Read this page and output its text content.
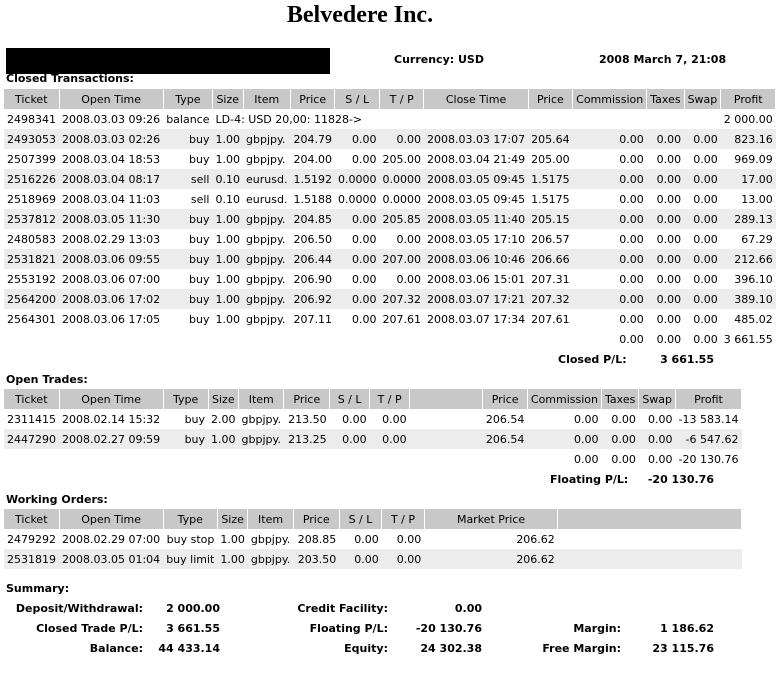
Belvedere Inc.
Currency: USD	2008 March 7, 21:08
Closed Transactions:
Ticket	Open Time	Type	Size	Item	Price	S / L	T / P	Close Time	Price	Commission	Taxes	Swap	Profit
2498341	2008.03.03 09:26	balance	LD-4: USD 20,00: 11828->										2 000.00
2493053	2008.03.03 02:26	buy	1.00	gbpjpy.	204.79	0.00	0.00	2008.03.03 17:07	205.64	0.00	0.00	0.00	823.16
2507399	2008.03.04 18:53	buy	1.00	gbpjpy.	204.00	0.00	205.00	2008.03.04 21:49	205.00	0.00	0.00	0.00	969.09
2516226	2008.03.04 08:17	sell	0.10	eurusd.	1.5192	0.0000	0.0000	2008.03.05 09:45	1.5175	0.00	0.00	0.00	17.00
2518969	2008.03.04 11:03	sell	0.10	eurusd.	1.5188	0.0000	0.0000	2008.03.05 09:45	1.5175	0.00	0.00	0.00	13.00
2537812	2008.03.05 11:30	buy	1.00	gbpjpy.	204.85	0.00	205.85	2008.03.05 11:40	205.15	0.00	0.00	0.00	289.13
2480583	2008.02.29 13:03	buy	1.00	gbpjpy.	206.50	0.00	0.00	2008.03.05 17:10	206.57	0.00	0.00	0.00	67.29
2531821	2008.03.06 09:55	buy	1.00	gbpjpy.	206.44	0.00	207.00	2008.03.06 10:46	206.66	0.00	0.00	0.00	212.66
2553192	2008.03.06 07:00	buy	1.00	gbpjpy.	206.90	0.00	0.00	2008.03.06 15:01	207.31	0.00	0.00	0.00	396.10
2564200	2008.03.06 17:02	buy	1.00	gbpjpy.	206.92	0.00	207.32	2008.03.07 17:21	207.32	0.00	0.00	0.00	389.10
2564301	2008.03.06 17:05	buy	1.00	gbpjpy.	207.11	0.00	207.61	2008.03.07 17:34	207.61	0.00	0.00	0.00	485.02
										0.00	0.00	0.00	3 661.55
Closed P/L:	3 661.55
Open Trades:
Ticket	Open Time	Type	Size	Item	Price	S / L	T / P		Price	Commission	Taxes	Swap	Profit
2311415	2008.02.14 15:32	buy	2.00	gbpjpy.	213.50	0.00	0.00		206.54	0.00	0.00	0.00	-13 583.14
2447290	2008.02.27 09:59	buy	1.00	gbpjpy.	213.25	0.00	0.00		206.54	0.00	0.00	0.00	-6 547.62
										0.00	0.00	0.00	-20 130.76
Floating P/L:	-20 130.76
Working Orders:
Ticket	Open Time	Type	Size	Item	Price	S / L	T / P	Market Price	
2479292	2008.02.29 07:00	buy stop	1.00	gbpjpy.	208.85	0.00	0.00	206.62	
2531819	2008.03.05 01:04	buy limit	1.00	gbpjpy.	203.50	0.00	0.00	206.62	
Summary:
Deposit/Withdrawal:	2 000.00
Closed Trade P/L:	3 661.55
Balance:	44 433.14
Credit Facility:	0.00
Floating P/L:	-20 130.76
Equity:	24 302.38
Margin:	1 186.62
Free Margin:	23 115.76
